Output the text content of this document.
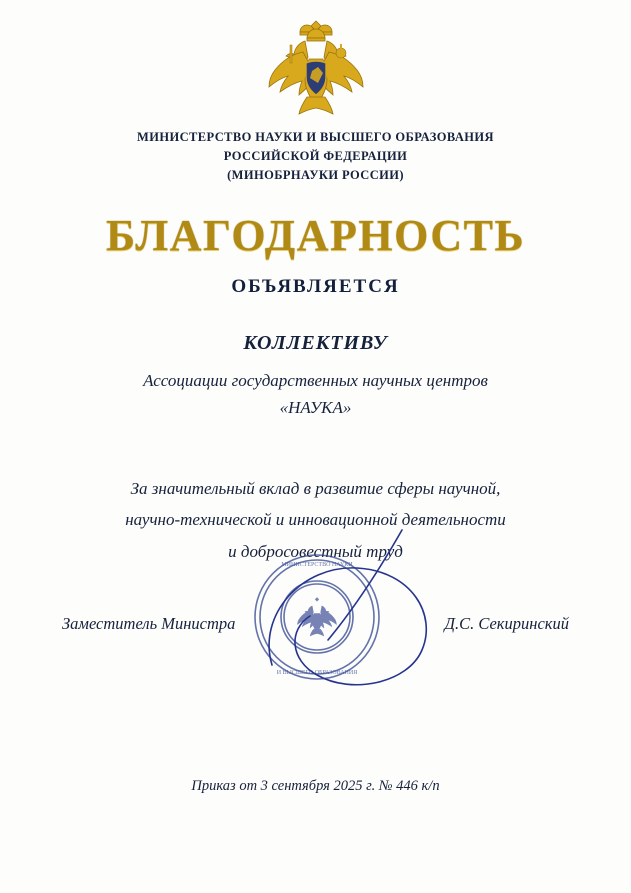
МИНИСТЕРСТВО НАУКИ И ВЫСШЕГО ОБРАЗОВАНИЯ
РОССИЙСКОЙ ФЕДЕРАЦИИ
(МИНОБРНАУКИ РОССИИ)
БЛАГОДАРНОСТЬ
ОБЪЯВЛЯЕТСЯ
КОЛЛЕКТИВУ
Ассоциации государственных научных центров
«НАУКА»
За значительный вклад в развитие сферы научной,
научно-технической и инновационной деятельности
и добросовестный труд
МИНИСТЕРСТВО НАУКИ
И ВЫСШЕГО ОБРАЗОВАНИЯ
Заместитель Министра	Д.С. Секиринский
Приказ от 3 сентября 2025 г. № 446 к/п
